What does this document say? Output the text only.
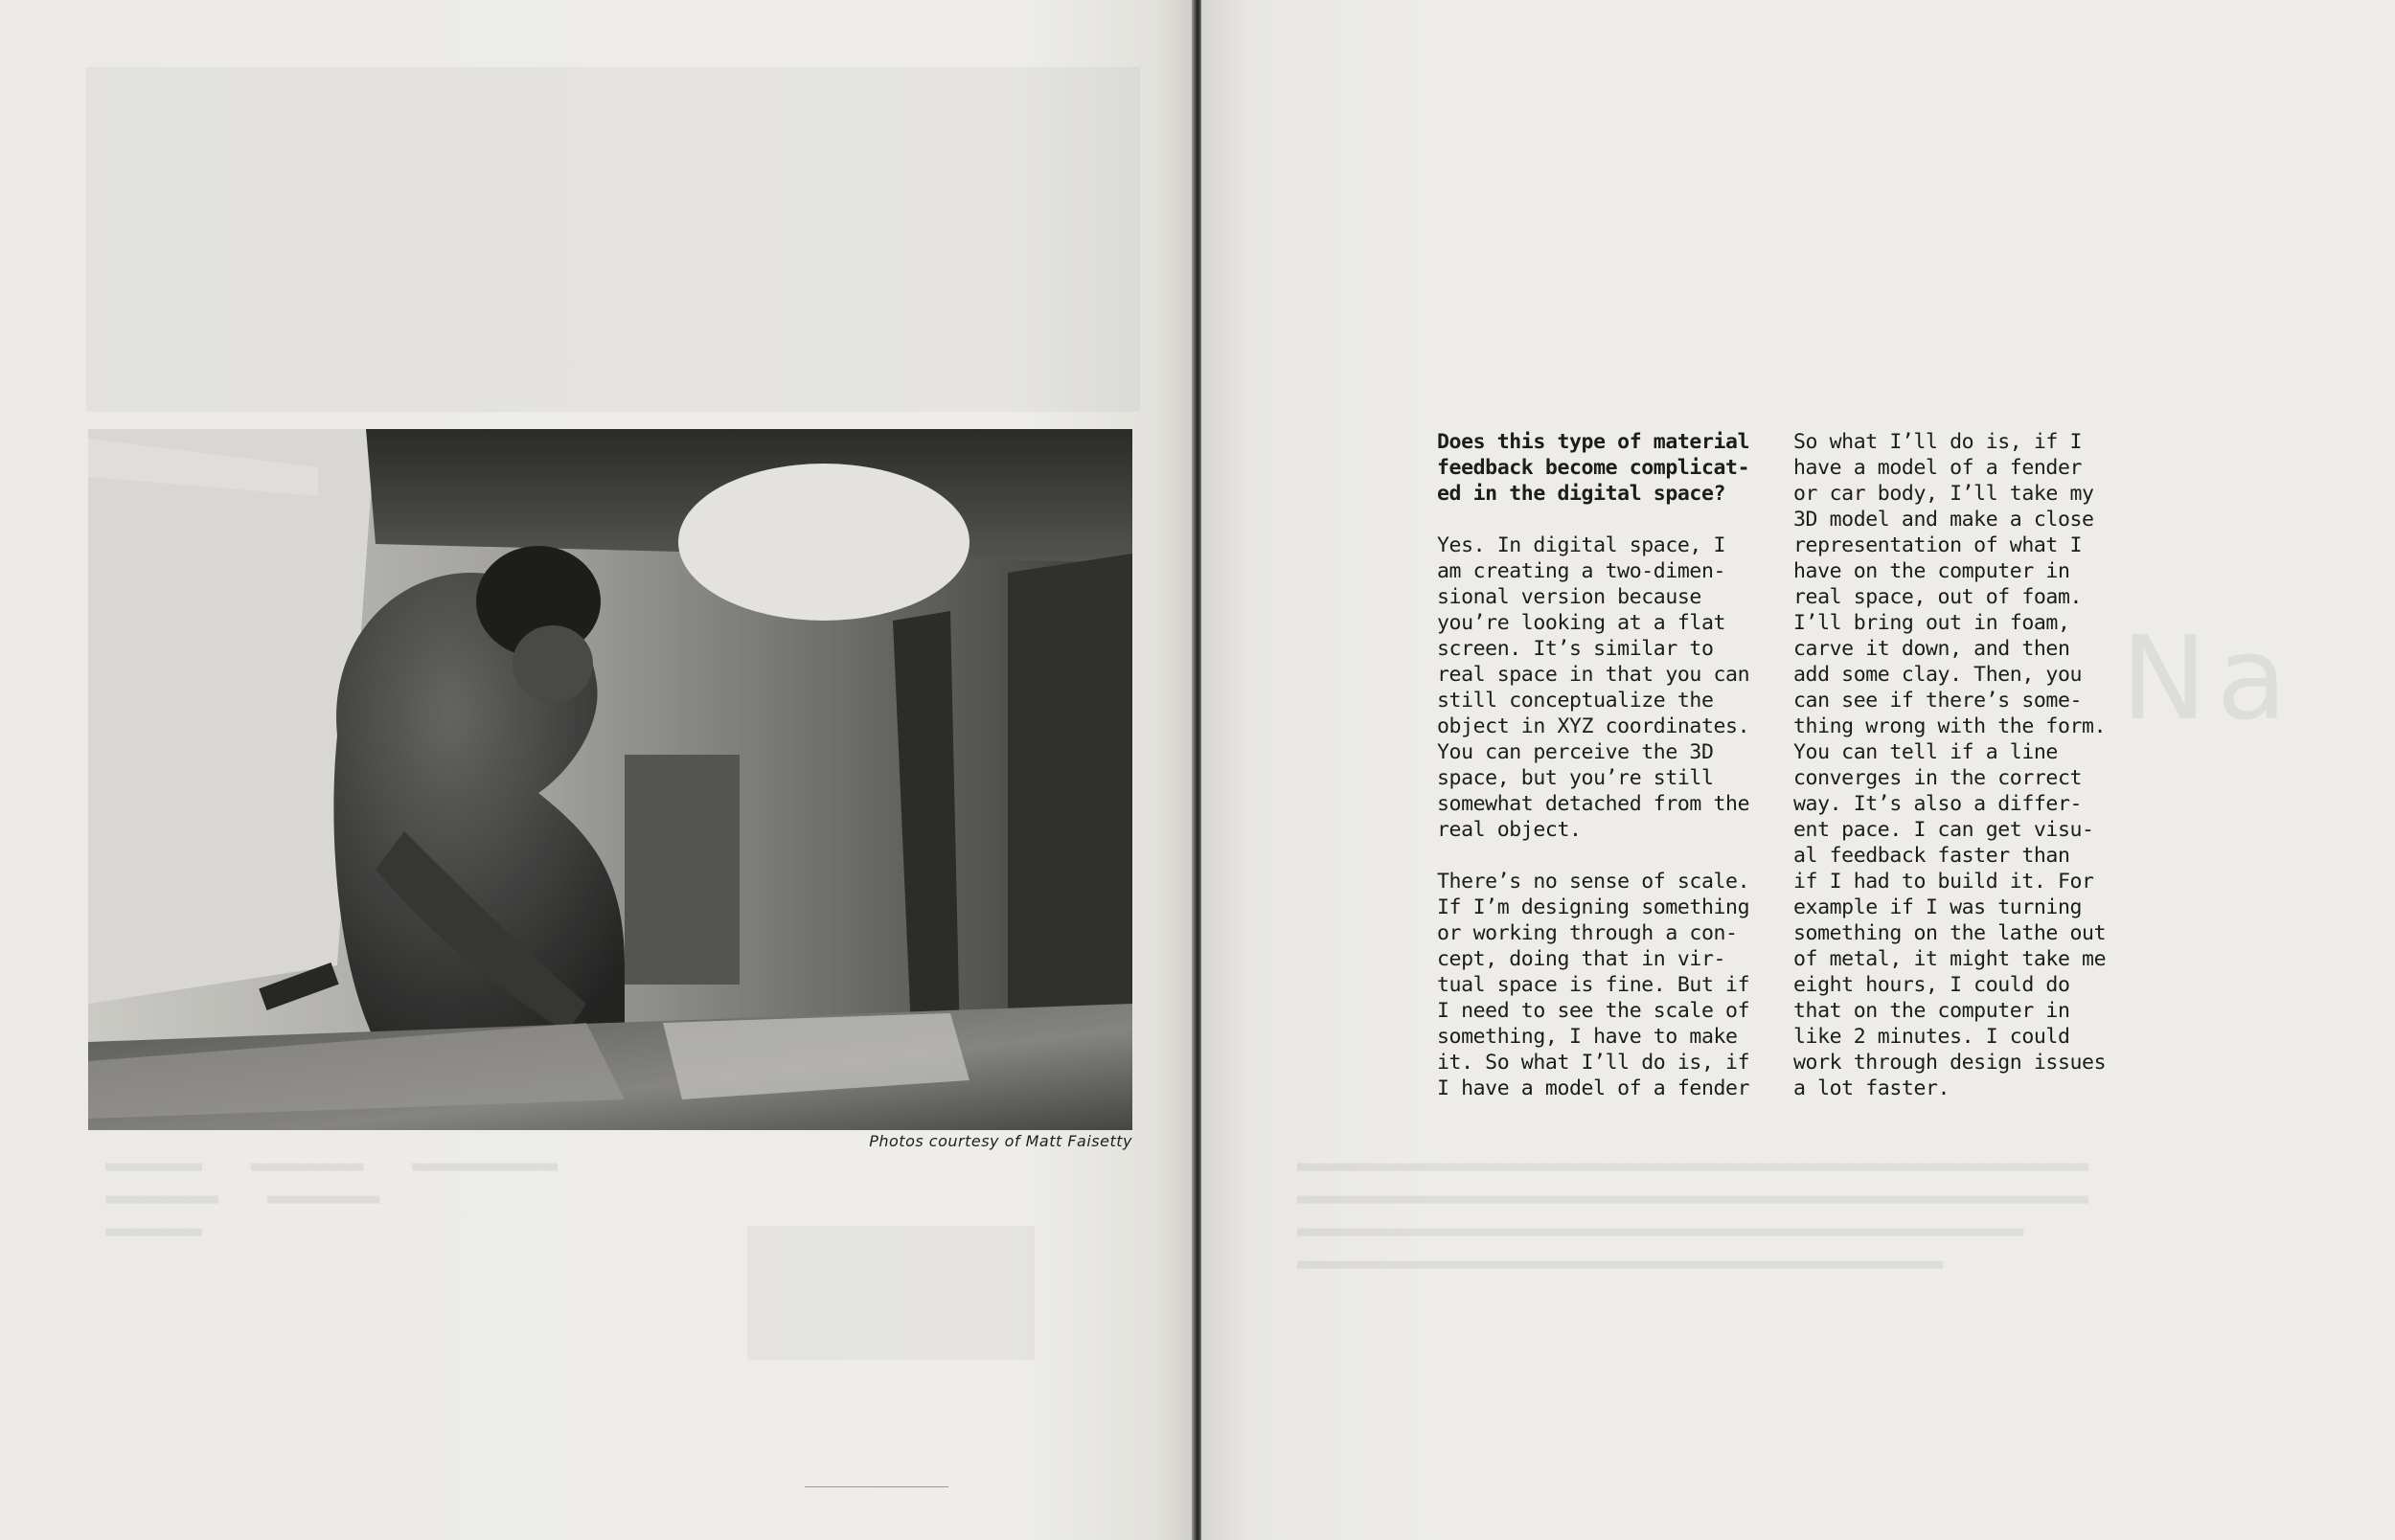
▬▬▬▬▬▬   ▬▬▬▬▬▬▬   ▬▬▬▬▬▬▬▬▬
▬▬▬▬▬▬▬   ▬▬▬▬▬▬▬
▬▬▬▬▬▬
Photos courtesy of Matt Faisetty
Na
▬▬▬▬▬▬▬▬▬▬▬▬▬▬▬▬▬▬▬▬▬▬▬▬▬▬▬▬▬▬▬▬▬▬▬▬▬▬▬▬▬▬▬▬▬▬▬▬▬
▬▬▬▬▬▬▬▬▬▬▬▬▬▬▬▬▬▬▬▬▬▬▬▬▬▬▬▬▬▬▬▬▬▬▬▬▬▬▬▬▬▬▬▬▬▬▬▬▬
▬▬▬▬▬▬▬▬▬▬▬▬▬▬▬▬▬▬▬▬▬▬▬▬▬▬▬▬▬▬▬▬▬▬▬▬▬▬▬▬▬▬▬▬▬
▬▬▬▬▬▬▬▬▬▬▬▬▬▬▬▬▬▬▬▬▬▬▬▬▬▬▬▬▬▬▬▬▬▬▬▬▬▬▬▬
Does this type of material
feedback become complicat-
ed in the digital space?
Yes. In digital space, I
am creating a two-dimen-
sional version because
you’re looking at a flat
screen. It’s similar to
real space in that you can
still conceptualize the
object in XYZ coordinates.
You can perceive the 3D
space, but you’re still
somewhat detached from the
real object.
There’s no sense of scale.
If I’m designing something
or working through a con-
cept, doing that in vir-
tual space is fine. But if
I need to see the scale of
something, I have to make
it. So what I’ll do is, if
I have a model of a fender
So what I’ll do is, if I
have a model of a fender
or car body, I’ll take my
3D model and make a close
representation of what I
have on the computer in
real space, out of foam.
I’ll bring out in foam,
carve it down, and then
add some clay. Then, you
can see if there’s some-
thing wrong with the form.
You can tell if a line
converges in the correct
way. It’s also a differ-
ent pace. I can get visu-
al feedback faster than
if I had to build it. For
example if I was turning
something on the lathe out
of metal, it might take me
eight hours, I could do
that on the computer in
like 2 minutes. I could
work through design issues
a lot faster.
